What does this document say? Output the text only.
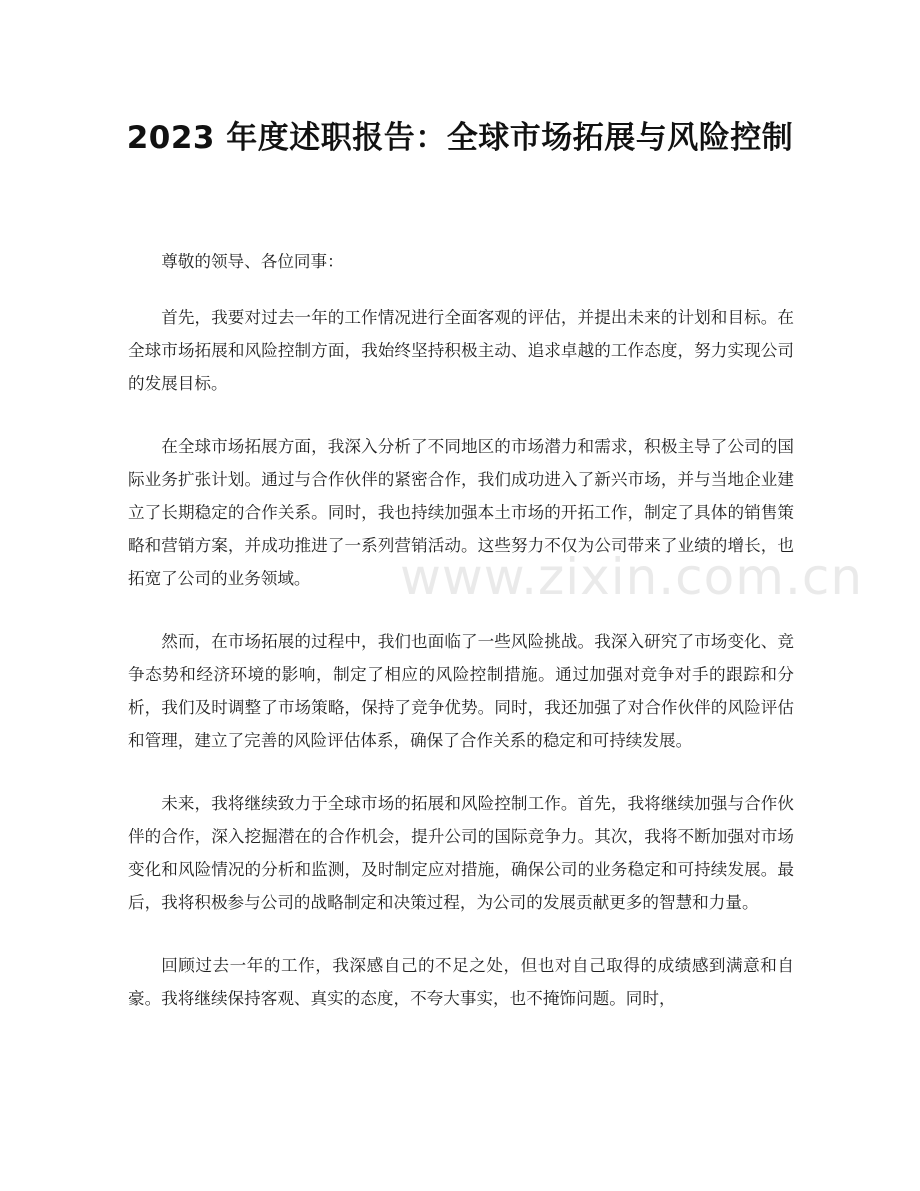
2023 年度述职报告：全球市场拓展与风险控制

尊敬的领导、各位同事：

首先，我要对过去一年的工作情况进行全面客观的评估，并提出未来的计划和目标。在全球市场拓展和风险控制方面，我始终坚持积极主动、追求卓越的工作态度，努力实现公司的发展目标。

在全球市场拓展方面，我深入分析了不同地区的市场潜力和需求，积极主导了公司的国际业务扩张计划。通过与合作伙伴的紧密合作，我们成功进入了新兴市场，并与当地企业建立了长期稳定的合作关系。同时，我也持续加强本土市场的开拓工作，制定了具体的销售策略和营销方案，并成功推进了一系列营销活动。这些努力不仅为公司带来了业绩的增长，也拓宽了公司的业务领域。

然而，在市场拓展的过程中，我们也面临了一些风险挑战。我深入研究了市场变化、竞争态势和经济环境的影响，制定了相应的风险控制措施。通过加强对竞争对手的跟踪和分析，我们及时调整了市场策略，保持了竞争优势。同时，我还加强了对合作伙伴的风险评估和管理，建立了完善的风险评估体系，确保了合作关系的稳定和可持续发展。

未来，我将继续致力于全球市场的拓展和风险控制工作。首先，我将继续加强与合作伙伴的合作，深入挖掘潜在的合作机会，提升公司的国际竞争力。其次，我将不断加强对市场变化和风险情况的分析和监测，及时制定应对措施，确保公司的业务稳定和可持续发展。最后，我将积极参与公司的战略制定和决策过程，为公司的发展贡献更多的智慧和力量。

回顾过去一年的工作，我深感自己的不足之处，但也对自己取得的成绩感到满意和自豪。我将继续保持客观、真实的态度，不夸大事实，也不掩饰问题。同时，

www.zixin.com.cn
